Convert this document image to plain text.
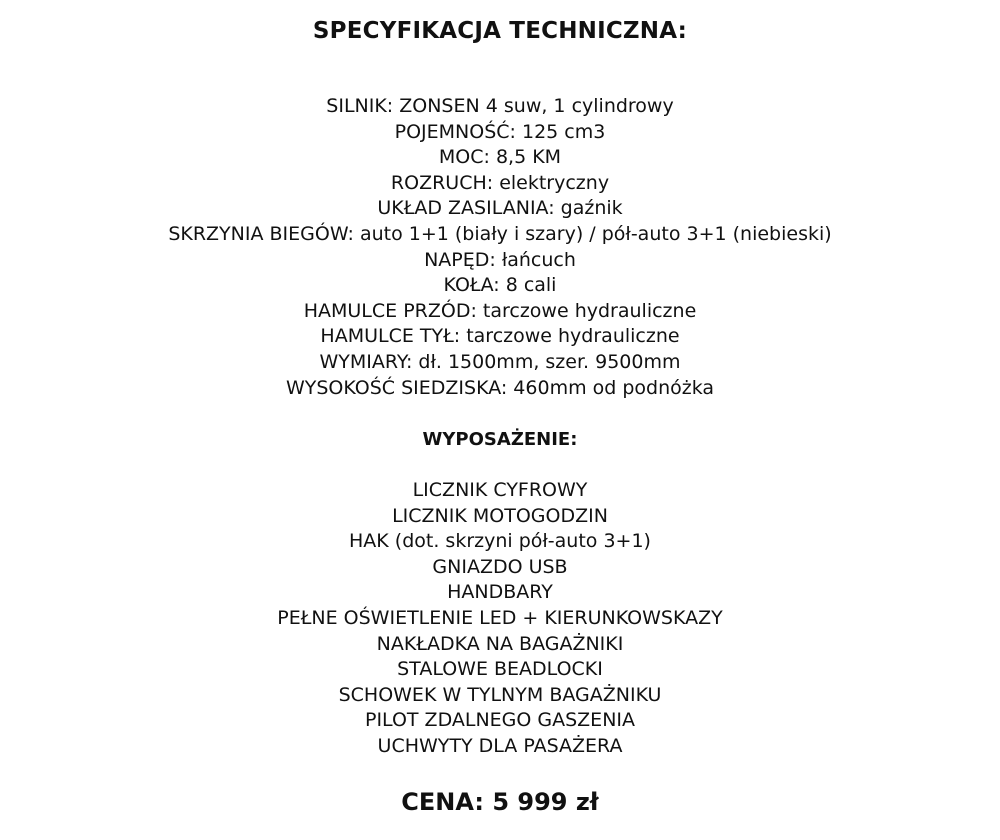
SPECYFIKACJA TECHNICZNA:
SILNIK: ZONSEN 4 suw, 1 cylindrowy
POJEMNOŚĆ: 125 cm3
MOC: 8,5 KM
ROZRUCH: elektryczny
UKŁAD ZASILANIA: gaźnik
SKRZYNIA BIEGÓW: auto 1+1 (biały i szary) / pół-auto 3+1 (niebieski)
NAPĘD: łańcuch
KOŁA: 8 cali
HAMULCE PRZÓD: tarczowe hydrauliczne
HAMULCE TYŁ: tarczowe hydrauliczne
WYMIARY: dł. 1500mm, szer. 9500mm
WYSOKOŚĆ SIEDZISKA: 460mm od podnóżka
WYPOSAŻENIE:
LICZNIK CYFROWY
LICZNIK MOTOGODZIN
HAK (dot. skrzyni pół-auto 3+1)
GNIAZDO USB
HANDBARY
PEŁNE OŚWIETLENIE LED + KIERUNKOWSKAZY
NAKŁADKA NA BAGAŻNIKI
STALOWE BEADLOCKI
SCHOWEK W TYLNYM BAGAŻNIKU
PILOT ZDALNEGO GASZENIA
UCHWYTY DLA PASAŻERA
CENA: 5 999 zł
